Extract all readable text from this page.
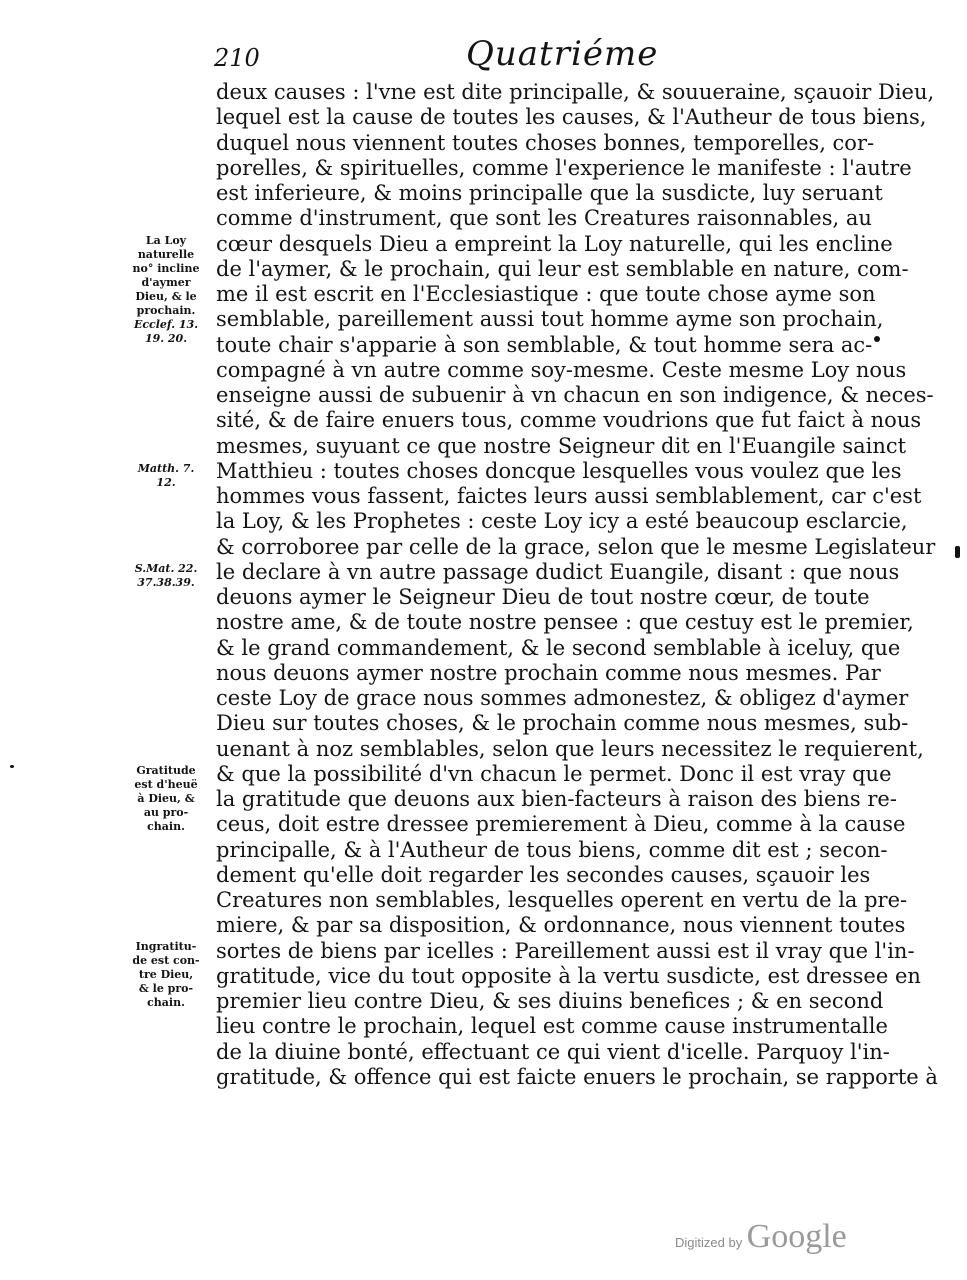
210	Quatriéme
deux causes : l'vne est dite principalle, & souueraine, sçauoir Dieu,
lequel est la cause de toutes les causes, & l'Autheur de tous biens,
duquel nous viennent toutes choses bonnes, temporelles, cor-
porelles, & spirituelles, comme l'experience le manifeste : l'autre
est inferieure, & moins principalle que la susdicte, luy seruant
comme d'instrument, que sont les Creatures raisonnables, au
cœur desquels Dieu a empreint la Loy naturelle, qui les encline
de l'aymer, & le prochain, qui leur est semblable en nature, com-
me il est escrit en l'Ecclesiastique : que toute chose ayme son
semblable, pareillement aussi tout homme ayme son prochain,
toute chair s'apparie à son semblable, & tout homme sera ac-
compagné à vn autre comme soy-mesme. Ceste mesme Loy nous
enseigne aussi de subuenir à vn chacun en son indigence, & neces-
sité, & de faire enuers tous, comme voudrions que fut faict à nous
mesmes, suyuant ce que nostre Seigneur dit en l'Euangile sainct
Matthieu : toutes choses doncque lesquelles vous voulez que les
hommes vous fassent, faictes leurs aussi semblablement, car c'est
la Loy, & les Prophetes : ceste Loy icy a esté beaucoup esclarcie,
& corroboree par celle de la grace, selon que le mesme Legislateur
le declare à vn autre passage dudict Euangile, disant : que nous
deuons aymer le Seigneur Dieu de tout nostre cœur, de toute
nostre ame, & de toute nostre pensee : que cestuy est le premier,
& le grand commandement, & le second semblable à iceluy, que
nous deuons aymer nostre prochain comme nous mesmes. Par
ceste Loy de grace nous sommes admonestez, & obligez d'aymer
Dieu sur toutes choses, & le prochain comme nous mesmes, sub-
uenant à noz semblables, selon que leurs necessitez le requierent,
& que la possibilité d'vn chacun le permet. Donc il est vray que
la gratitude que deuons aux bien-facteurs à raison des biens re-
ceus, doit estre dressee premierement à Dieu, comme à la cause
principalle, & à l'Autheur de tous biens, comme dit est ; secon-
dement qu'elle doit regarder les secondes causes, sçauoir les
Creatures non semblables, lesquelles operent en vertu de la pre-
miere, & par sa disposition, & ordonnance, nous viennent toutes
sortes de biens par icelles : Pareillement aussi est il vray que l'in-
gratitude, vice du tout opposite à la vertu susdicte, est dressee en
premier lieu contre Dieu, & ses diuins benefices ; & en second
lieu contre le prochain, lequel est comme cause instrumentalle
de la diuine bonté, effectuant ce qui vient d'icelle. Parquoy l'in-
gratitude, & offence qui est faicte enuers le prochain, se rapporte à
La Loy
naturelle
no° incline
d'aymer
Dieu, & le
prochain.
Ecclef. 13.
19. 20.
Matth. 7.
12.
S.Mat. 22.
37.38.39.
Gratitude
est d'heuë
à Dieu, &
au pro-
chain.
Ingratitu-
de est con-
tre Dieu,
& le pro-
chain.
Digitized by Google
